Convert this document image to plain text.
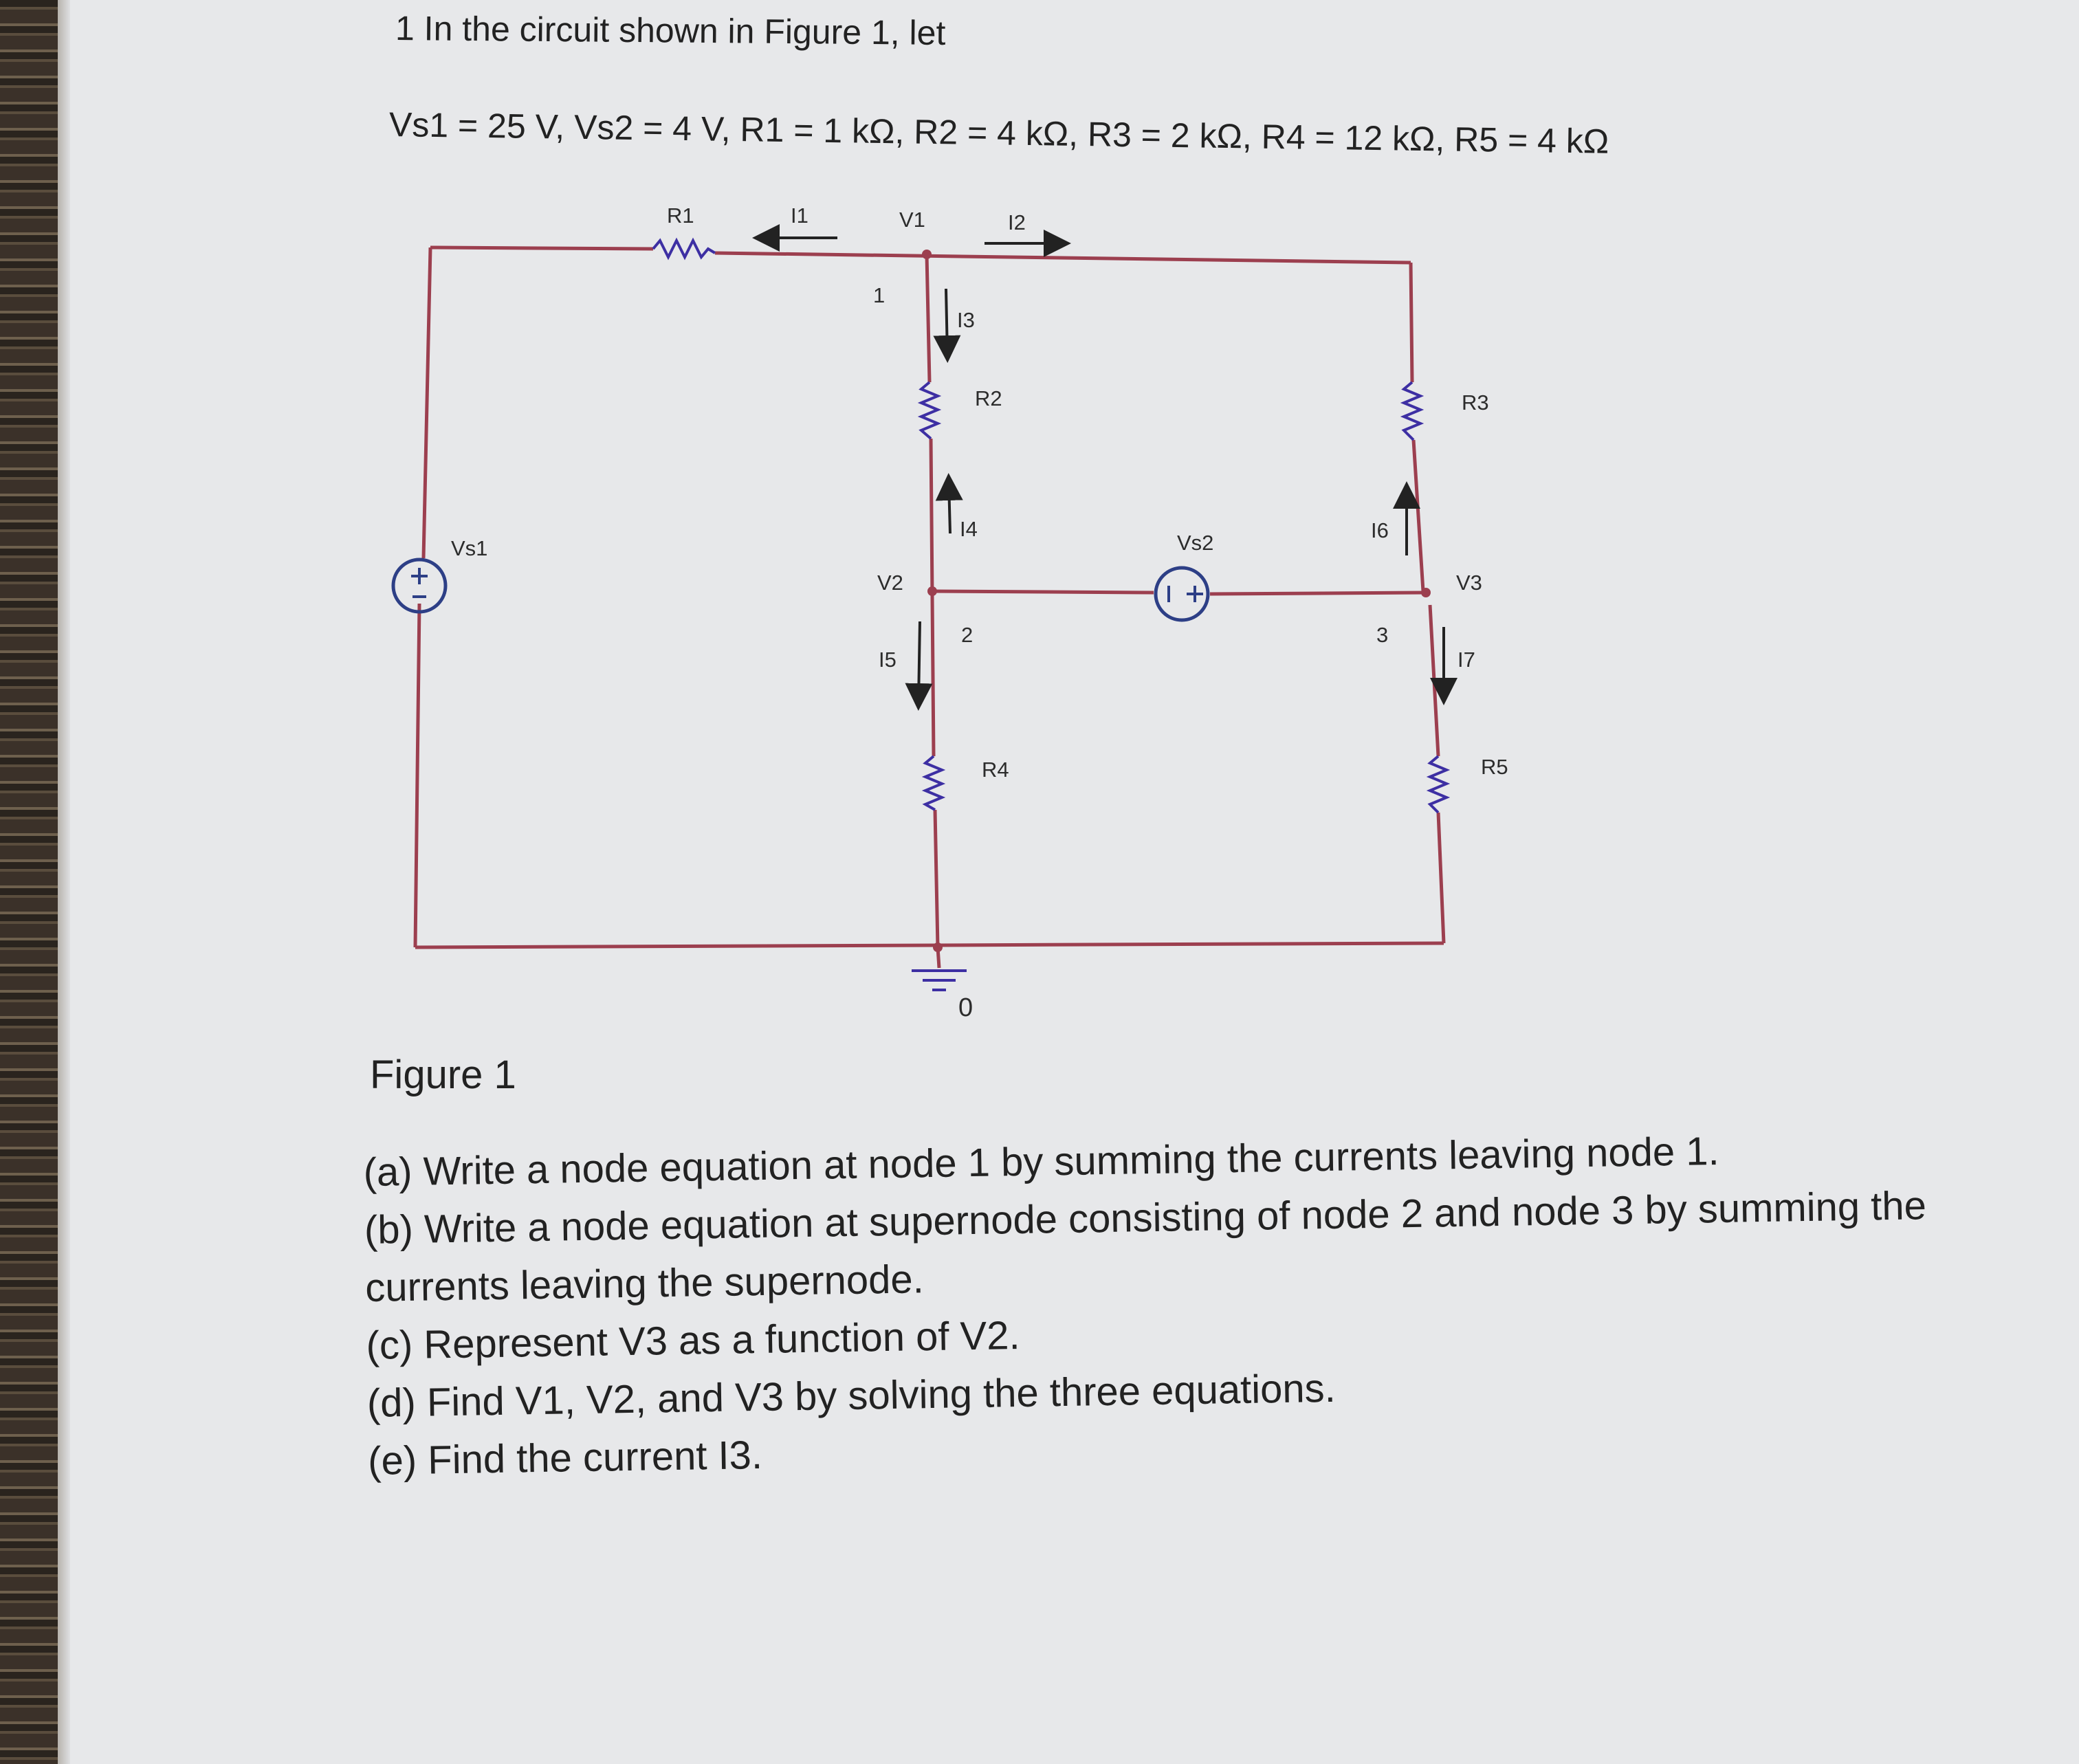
1 In the circuit shown in Figure 1, let

Vs1 = 25 V, Vs2 = 4 V, R1 = 1 kΩ, R2 = 4 kΩ, R3 = 2 kΩ, R4 = 12 kΩ, R5 = 4 kΩ

R1	I1	V1	I2
1
I3
R2	R3
I4	I6
Vs1	Vs2
V2	V3
2	3
I5	I7
R4	R5
0

Figure 1

(a) Write a node equation at node 1 by summing the currents leaving node 1.
(b) Write a node equation at supernode consisting of node 2 and node 3 by summing the
currents leaving the supernode.
(c) Represent V3 as a function of V2.
(d) Find V1, V2, and V3 by solving the three equations.
(e) Find the current I3.
